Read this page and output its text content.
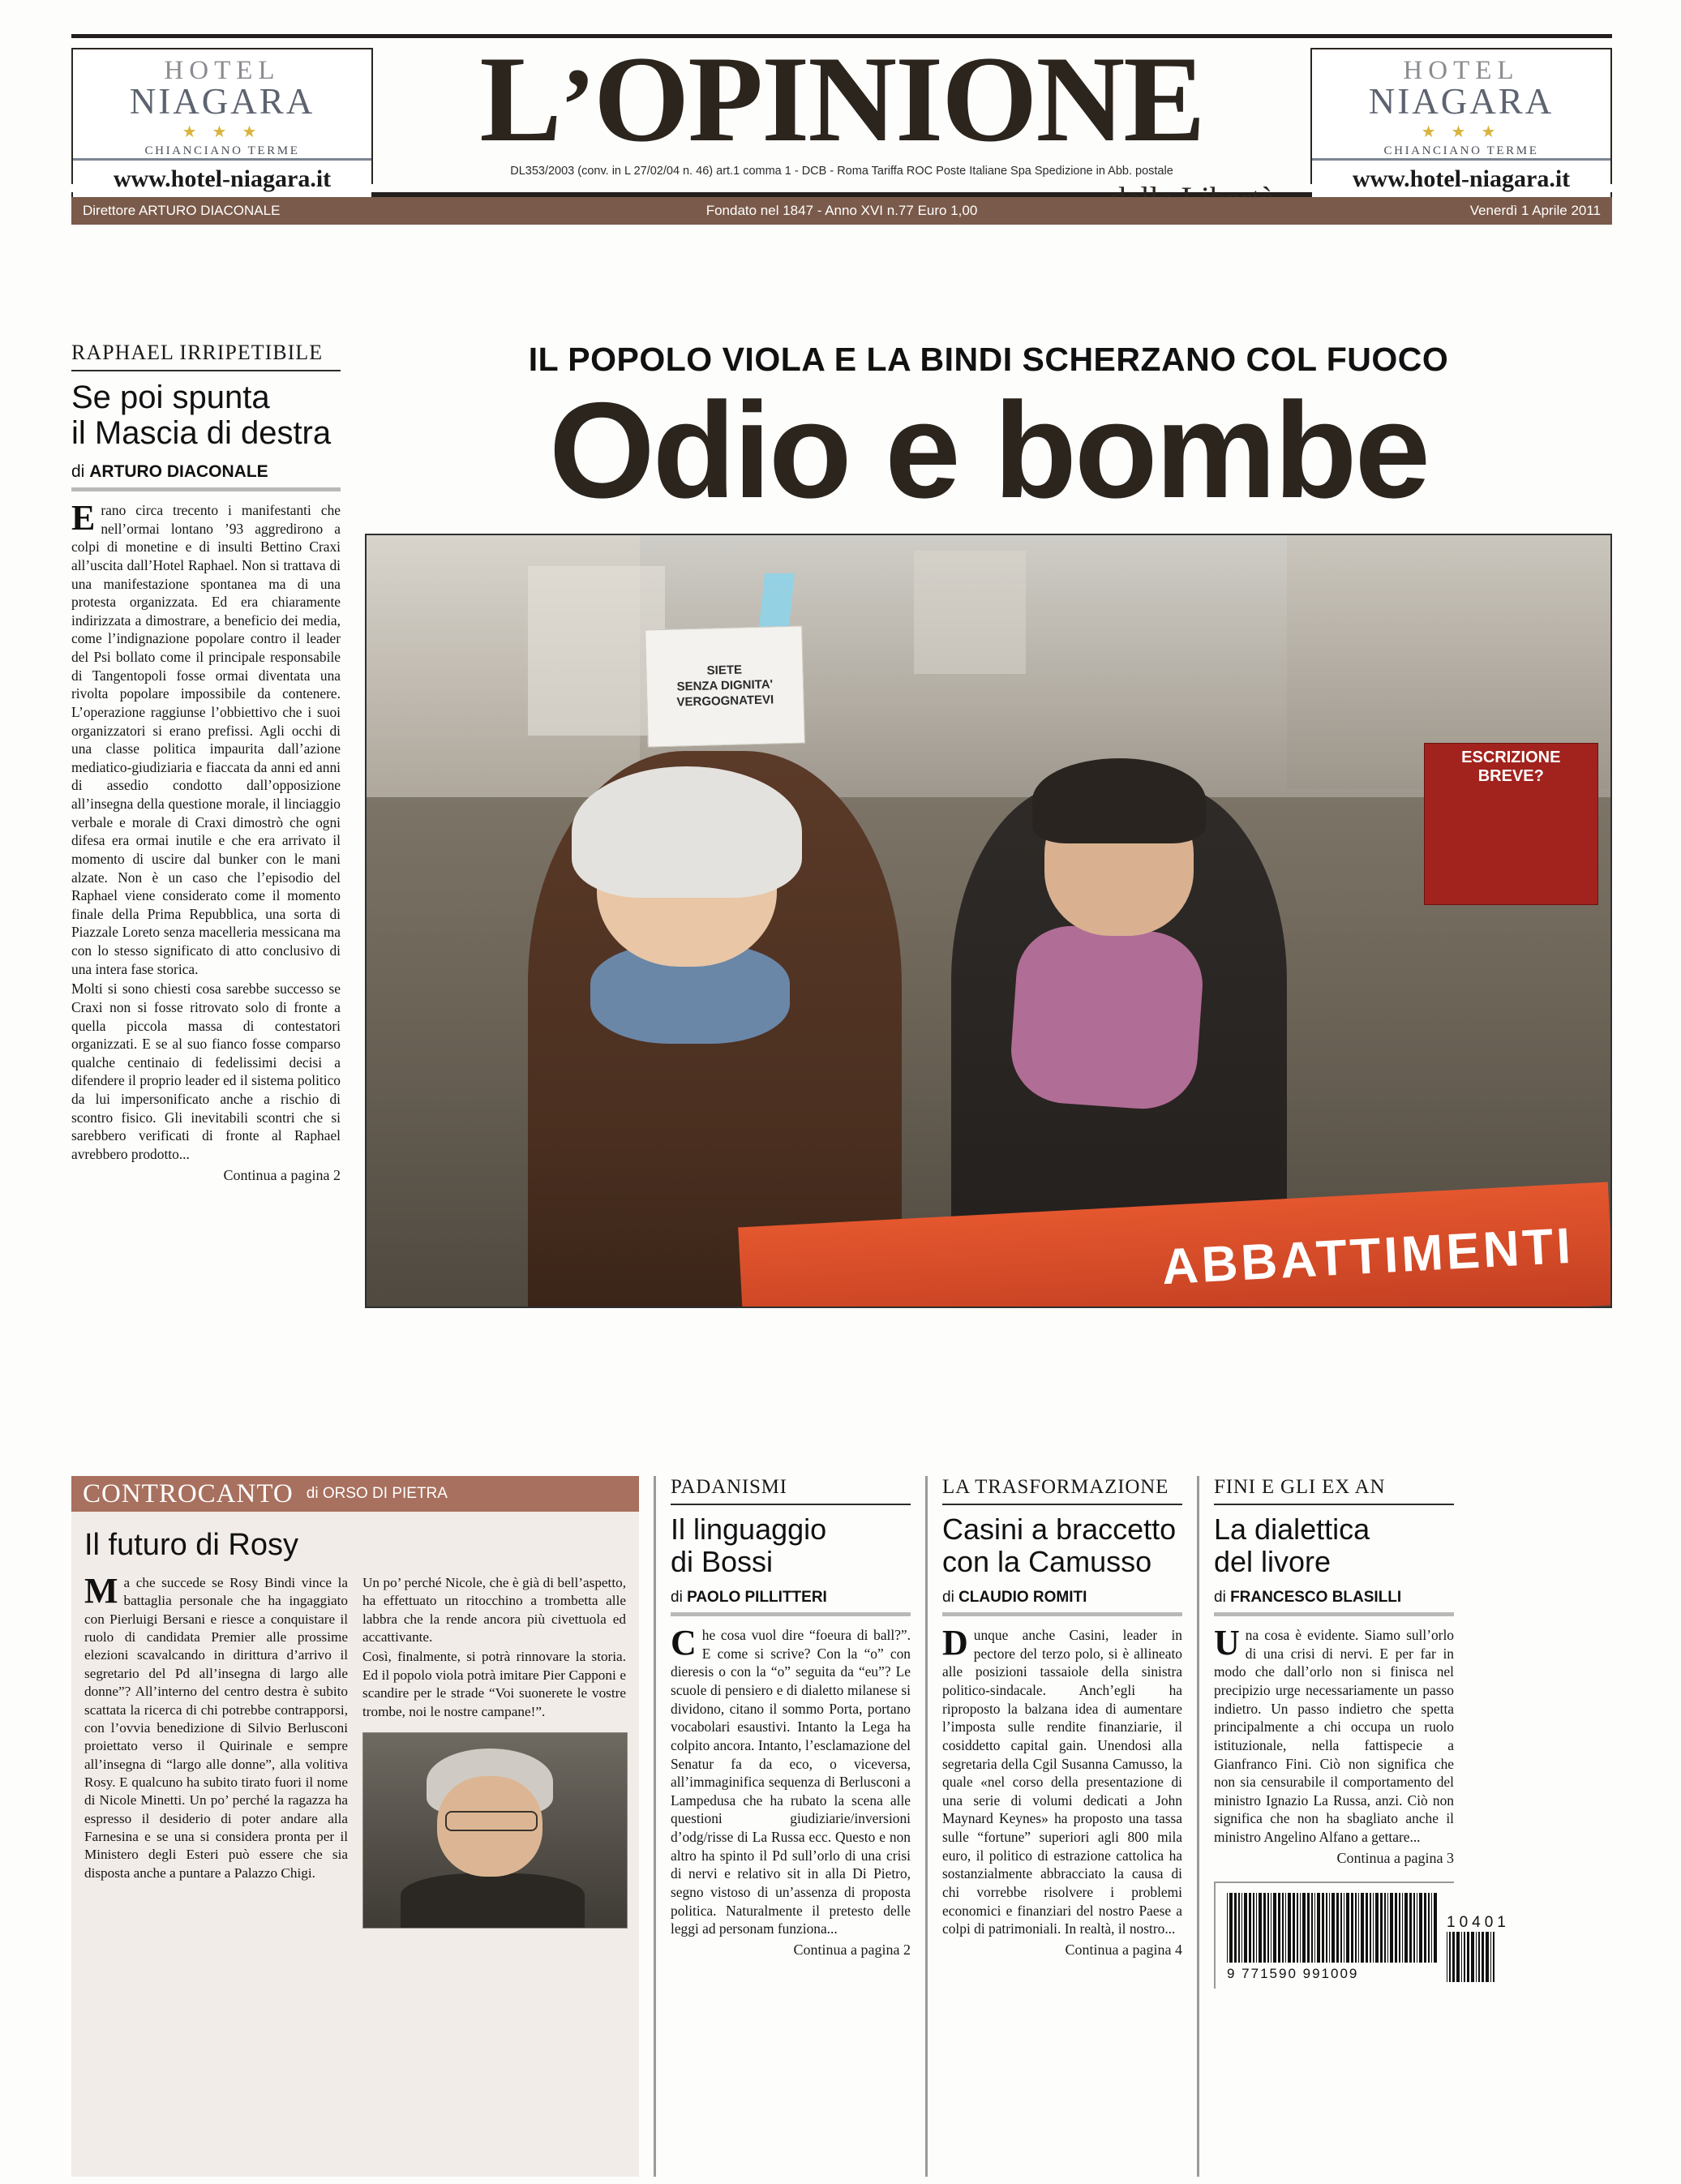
HOTEL
NIAGARA
★ ★ ★
CHIANCIANO TERME
www.hotel-niagara.it
L’OPINIONE
DL353/2003 (conv. in L 27/02/04 n. 46) art.1 comma 1 - DCB - Roma Tariffa ROC Poste Italiane Spa Spedizione in Abb. postale
HOTEL
NIAGARA
★ ★ ★
CHIANCIANO TERME
www.hotel-niagara.it
Direttore ARTURO DIACONALE	Fondato nel 1847 - Anno XVI n.77 Euro 1,00	Venerdì 1 Aprile 2011
RAPHAEL IRRIPETIBILE
Se poi spunta
il Mascia di destra
di ARTURO DIACONALE

Erano circa trecento i manifestanti che nell’ormai lontano ’93 aggredirono a colpi di monetine e di insulti Bettino Craxi all’uscita dall’Hotel Raphael. Non si trattava di una manifestazione spontanea ma di una protesta organizzata. Ed era chiaramente indirizzata a dimostrare, a beneficio dei media, come l’indignazione popolare contro il leader del Psi bollato come il principale responsabile di Tangentopoli fosse ormai diventata una rivolta popolare impossibile da contenere. L’operazione raggiunse l’obbiettivo che i suoi organizzatori si erano prefissi. Agli occhi di una classe politica impaurita dall’azione mediatico-giudiziaria e fiaccata da anni ed anni di assedio condotto dall’opposizione all’insegna della questione morale, il linciaggio verbale e morale di Craxi dimostrò che ogni difesa era ormai inutile e che era arrivato il momento di uscire dal bunker con le mani alzate. Non è un caso che l’episodio del Raphael viene considerato come il momento finale della Prima Repubblica, una sorta di Piazzale Loreto senza macelleria messicana ma con lo stesso significato di atto conclusivo di una intera fase storica.

Molti si sono chiesti cosa sarebbe successo se Craxi non si fosse ritrovato solo di fronte a quella piccola massa di contestatori organizzati. E se al suo fianco fosse comparso qualche centinaio di fedelissimi decisi a difendere il proprio leader ed il sistema politico da lui impersonificato anche a rischio di scontro fisico. Gli inevitabili scontri che si sarebbero verificati di fronte al Raphael avrebbero prodotto...

Continua a pagina 2
IL POPOLO VIOLA E LA BINDI SCHERZANO COL FUOCO
Odio e bombe
SIETE
SENZA DIGNITA'
VERGOGNATEVI
ESCRIZIONE
BREVE?
ABBATTIMENTI
CONTROCANTO di ORSO DI PIETRA
Il futuro di Rosy

Ma che succede se Rosy Bindi vince la battaglia personale che ha ingaggiato con Pierluigi Bersani e riesce a conquistare il ruolo di candidata Premier alle prossime elezioni scavalcando in dirittura d’arrivo il segretario del Pd all’insegna di largo alle donne”? All’interno del centro destra è subito scattata la ricerca di chi potrebbe contrapporsi, con l’ovvia benedizione di Silvio Berlusconi proiettato verso il Quirinale e sempre all’insegna di “largo alle donne”, alla volitiva Rosy. E qualcuno ha subito tirato fuori il nome di Nicole Minetti. Un po’ perché la ragazza ha espresso il desiderio di poter andare alla Farnesina e se una si considera pronta per il Ministero degli Esteri può essere che sia disposta anche a puntare a Palazzo Chigi.

Un po’ perché Nicole, che è già di bell’aspetto, ha effettuato un ritocchino a trombetta alle labbra che la rende ancora più civettuola ed accattivante.

Così, finalmente, si potrà rinnovare la storia. Ed il popolo viola potrà imitare Pier Capponi e scandire per le strade “Voi suonerete le vostre trombe, noi le nostre campane!”.

PADANISMI
Il linguaggio
di Bossi
di PAOLO PILLITTERI

Che cosa vuol dire “foeura di ball?”. E come si scrive? Con la “o” con dieresis o con la “o” seguita da “eu”? Le scuole di pensiero e di dialetto milanese si dividono, citano il sommo Porta, portano vocabolari esaustivi. Intanto la Lega ha colpito ancora. Intanto, l’esclamazione del Senatur fa da eco, o viceversa, all’immaginifica sequenza di Berlusconi a Lampedusa che ha rubato la scena alle questioni giudiziarie/inversioni d’odg/risse di La Russa ecc. Questo e non altro ha spinto il Pd sull’orlo di una crisi di nervi e relativo sit in alla Di Pietro, segno vistoso di un’assenza di proposta politica. Naturalmente il pretesto delle leggi ad personam funziona...

Continua a pagina 2
LA TRASFORMAZIONE
Casini a braccetto
con la Camusso
di CLAUDIO ROMITI

Dunque anche Casini, leader in pectore del terzo polo, si è allineato alle posizioni tassaiole della sinistra politico-sindacale. Anch’egli ha riproposto la balzana idea di aumentare l’imposta sulle rendite finanziarie, il cosiddetto capital gain. Unendosi alla segretaria della Cgil Susanna Camusso, la quale «nel corso della presentazione di una serie di volumi dedicati a John Maynard Keynes» ha proposto una tassa sulle “fortune” superiori agli 800 mila euro, il politico di estrazione cattolica ha sostanzialmente abbracciato la causa di chi vorrebbe risolvere i problemi economici e finanziari del nostro Paese a colpi di patrimoniali. In realtà, il nostro...

Continua a pagina 4
FINI E GLI EX AN
La dialettica
del livore
di FRANCESCO BLASILLI

Una cosa è evidente. Siamo sull’orlo di una crisi di nervi. E per far in modo che dall’orlo non si finisca nel precipizio urge necessariamente un passo indietro. Un passo indietro che spetta principalmente a chi occupa un ruolo istituzionale, nella fattispecie a Gianfranco Fini. Ciò non significa che non sia censurabile il comportamento del ministro Ignazio La Russa, anzi. Ciò non significa che non ha sbagliato anche il ministro Angelino Alfano a gettare...

Continua a pagina 3
9 771590 991009
10401
